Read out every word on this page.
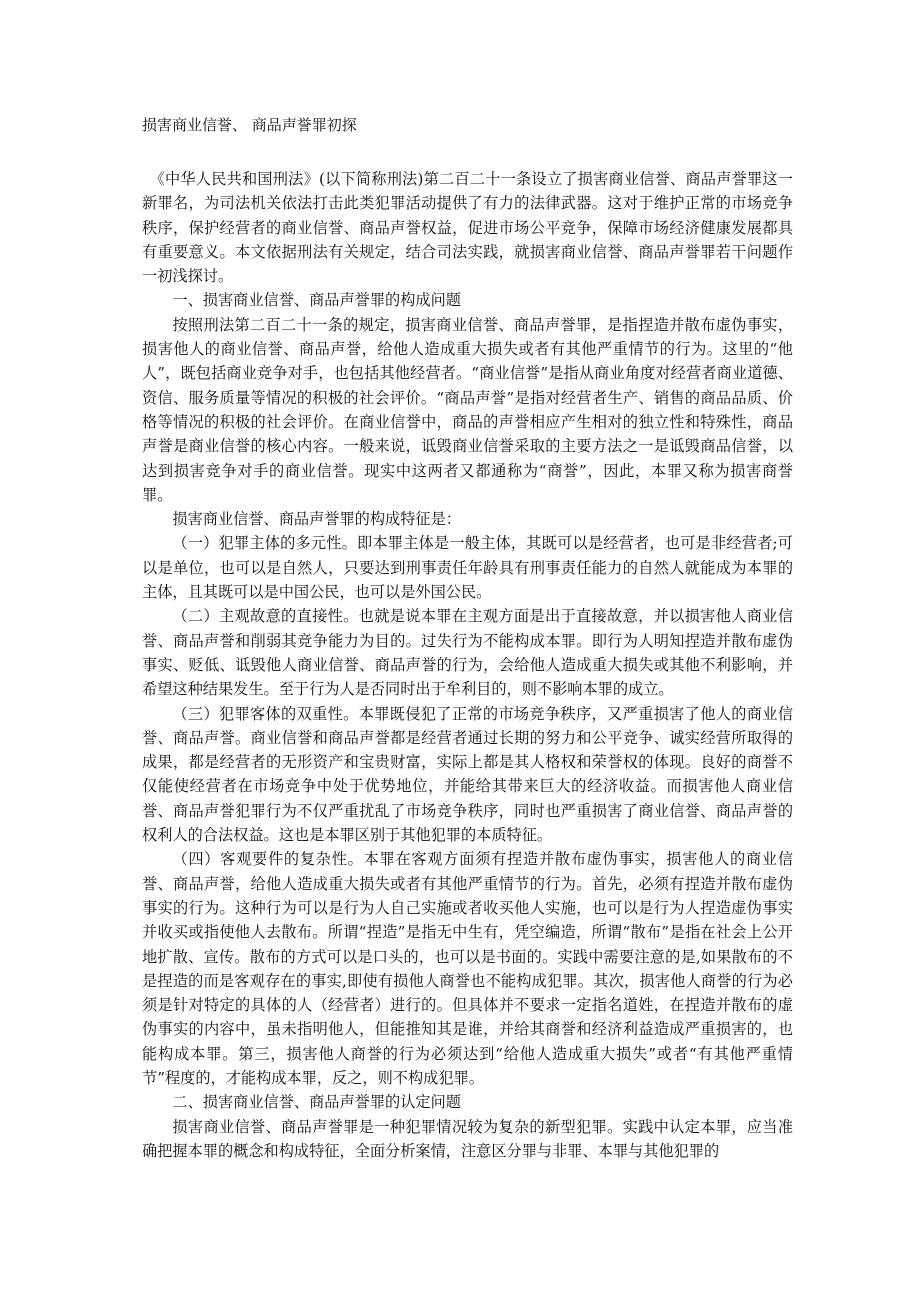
损害商业信誉、 商品声誉罪初探

《中华人民共和国刑法》(以下简称刑法)第二百二十一条设立了损害商业信誉、商品声誉罪这一新罪名，为司法机关依法打击此类犯罪活动提供了有力的法律武器。这对于维护正常的市场竞争秩序，保护经营者的商业信誉、商品声誉权益，促进市场公平竞争，保障市场经济健康发展都具有重要意义。本文依据刑法有关规定，结合司法实践，就损害商业信誉、商品声誉罪若干问题作一初浅探讨。

一、损害商业信誉、商品声誉罪的构成问题

按照刑法第二百二十一条的规定，损害商业信誉、商品声誉罪，是指捏造并散布虚伪事实，损害他人的商业信誉、商品声誉，给他人造成重大损失或者有其他严重情节的行为。这里的“他人”，既包括商业竞争对手，也包括其他经营者。“商业信誉”是指从商业角度对经营者商业道德、资信、服务质量等情况的积极的社会评价。“商品声誉”是指对经营者生产、销售的商品品质、价格等情况的积极的社会评价。在商业信誉中，商品的声誉相应产生相对的独立性和特殊性，商品声誉是商业信誉的核心内容。一般来说，诋毁商业信誉采取的主要方法之一是诋毁商品信誉，以达到损害竞争对手的商业信誉。现实中这两者又都通称为“商誉”，因此，本罪又称为损害商誉罪。

损害商业信誉、商品声誉罪的构成特征是：

（一）犯罪主体的多元性。即本罪主体是一般主体，其既可以是经营者，也可是非经营者;可以是单位，也可以是自然人，只要达到刑事责任年龄具有刑事责任能力的自然人就能成为本罪的主体，且其既可以是中国公民，也可以是外国公民。

（二）主观故意的直接性。也就是说本罪在主观方面是出于直接故意，并以损害他人商业信誉、商品声誉和削弱其竞争能力为目的。过失行为不能构成本罪。即行为人明知捏造并散布虚伪事实、贬低、诋毁他人商业信誉、商品声誉的行为，会给他人造成重大损失或其他不利影响，并希望这种结果发生。至于行为人是否同时出于牟利目的，则不影响本罪的成立。

（三）犯罪客体的双重性。本罪既侵犯了正常的市场竞争秩序，又严重损害了他人的商业信誉、商品声誉。商业信誉和商品声誉都是经营者通过长期的努力和公平竞争、诚实经营所取得的成果，都是经营者的无形资产和宝贵财富，实际上都是其人格权和荣誉权的体现。良好的商誉不仅能使经营者在市场竞争中处于优势地位，并能给其带来巨大的经济收益。而损害他人商业信誉、商品声誉犯罪行为不仅严重扰乱了市场竞争秩序，同时也严重损害了商业信誉、商品声誉的权利人的合法权益。这也是本罪区别于其他犯罪的本质特征。

（四）客观要件的复杂性。本罪在客观方面须有捏造并散布虚伪事实，损害他人的商业信誉、商品声誉，给他人造成重大损失或者有其他严重情节的行为。首先，必须有捏造并散布虚伪事实的行为。这种行为可以是行为人自己实施或者收买他人实施，也可以是行为人捏造虚伪事实并收买或指使他人去散布。所谓“捏造”是指无中生有，凭空编造，所谓“散布”是指在社会上公开地扩散、宣传。散布的方式可以是口头的，也可以是书面的。实践中需要注意的是,如果散布的不是捏造的而是客观存在的事实,即使有损他人商誉也不能构成犯罪。其次，损害他人商誉的行为必须是针对特定的具体的人（经营者）进行的。但具体并不要求一定指名道姓，在捏造并散布的虚伪事实的内容中，虽未指明他人，但能推知其是谁，并给其商誉和经济利益造成严重损害的，也能构成本罪。第三，损害他人商誉的行为必须达到“给他人造成重大损失”或者“有其他严重情节”程度的，才能构成本罪，反之，则不构成犯罪。

二、损害商业信誉、商品声誉罪的认定问题

损害商业信誉、商品声誉罪是一种犯罪情况较为复杂的新型犯罪。实践中认定本罪，应当准确把握本罪的概念和构成特征，全面分析案情，注意区分罪与非罪、本罪与其他犯罪的
